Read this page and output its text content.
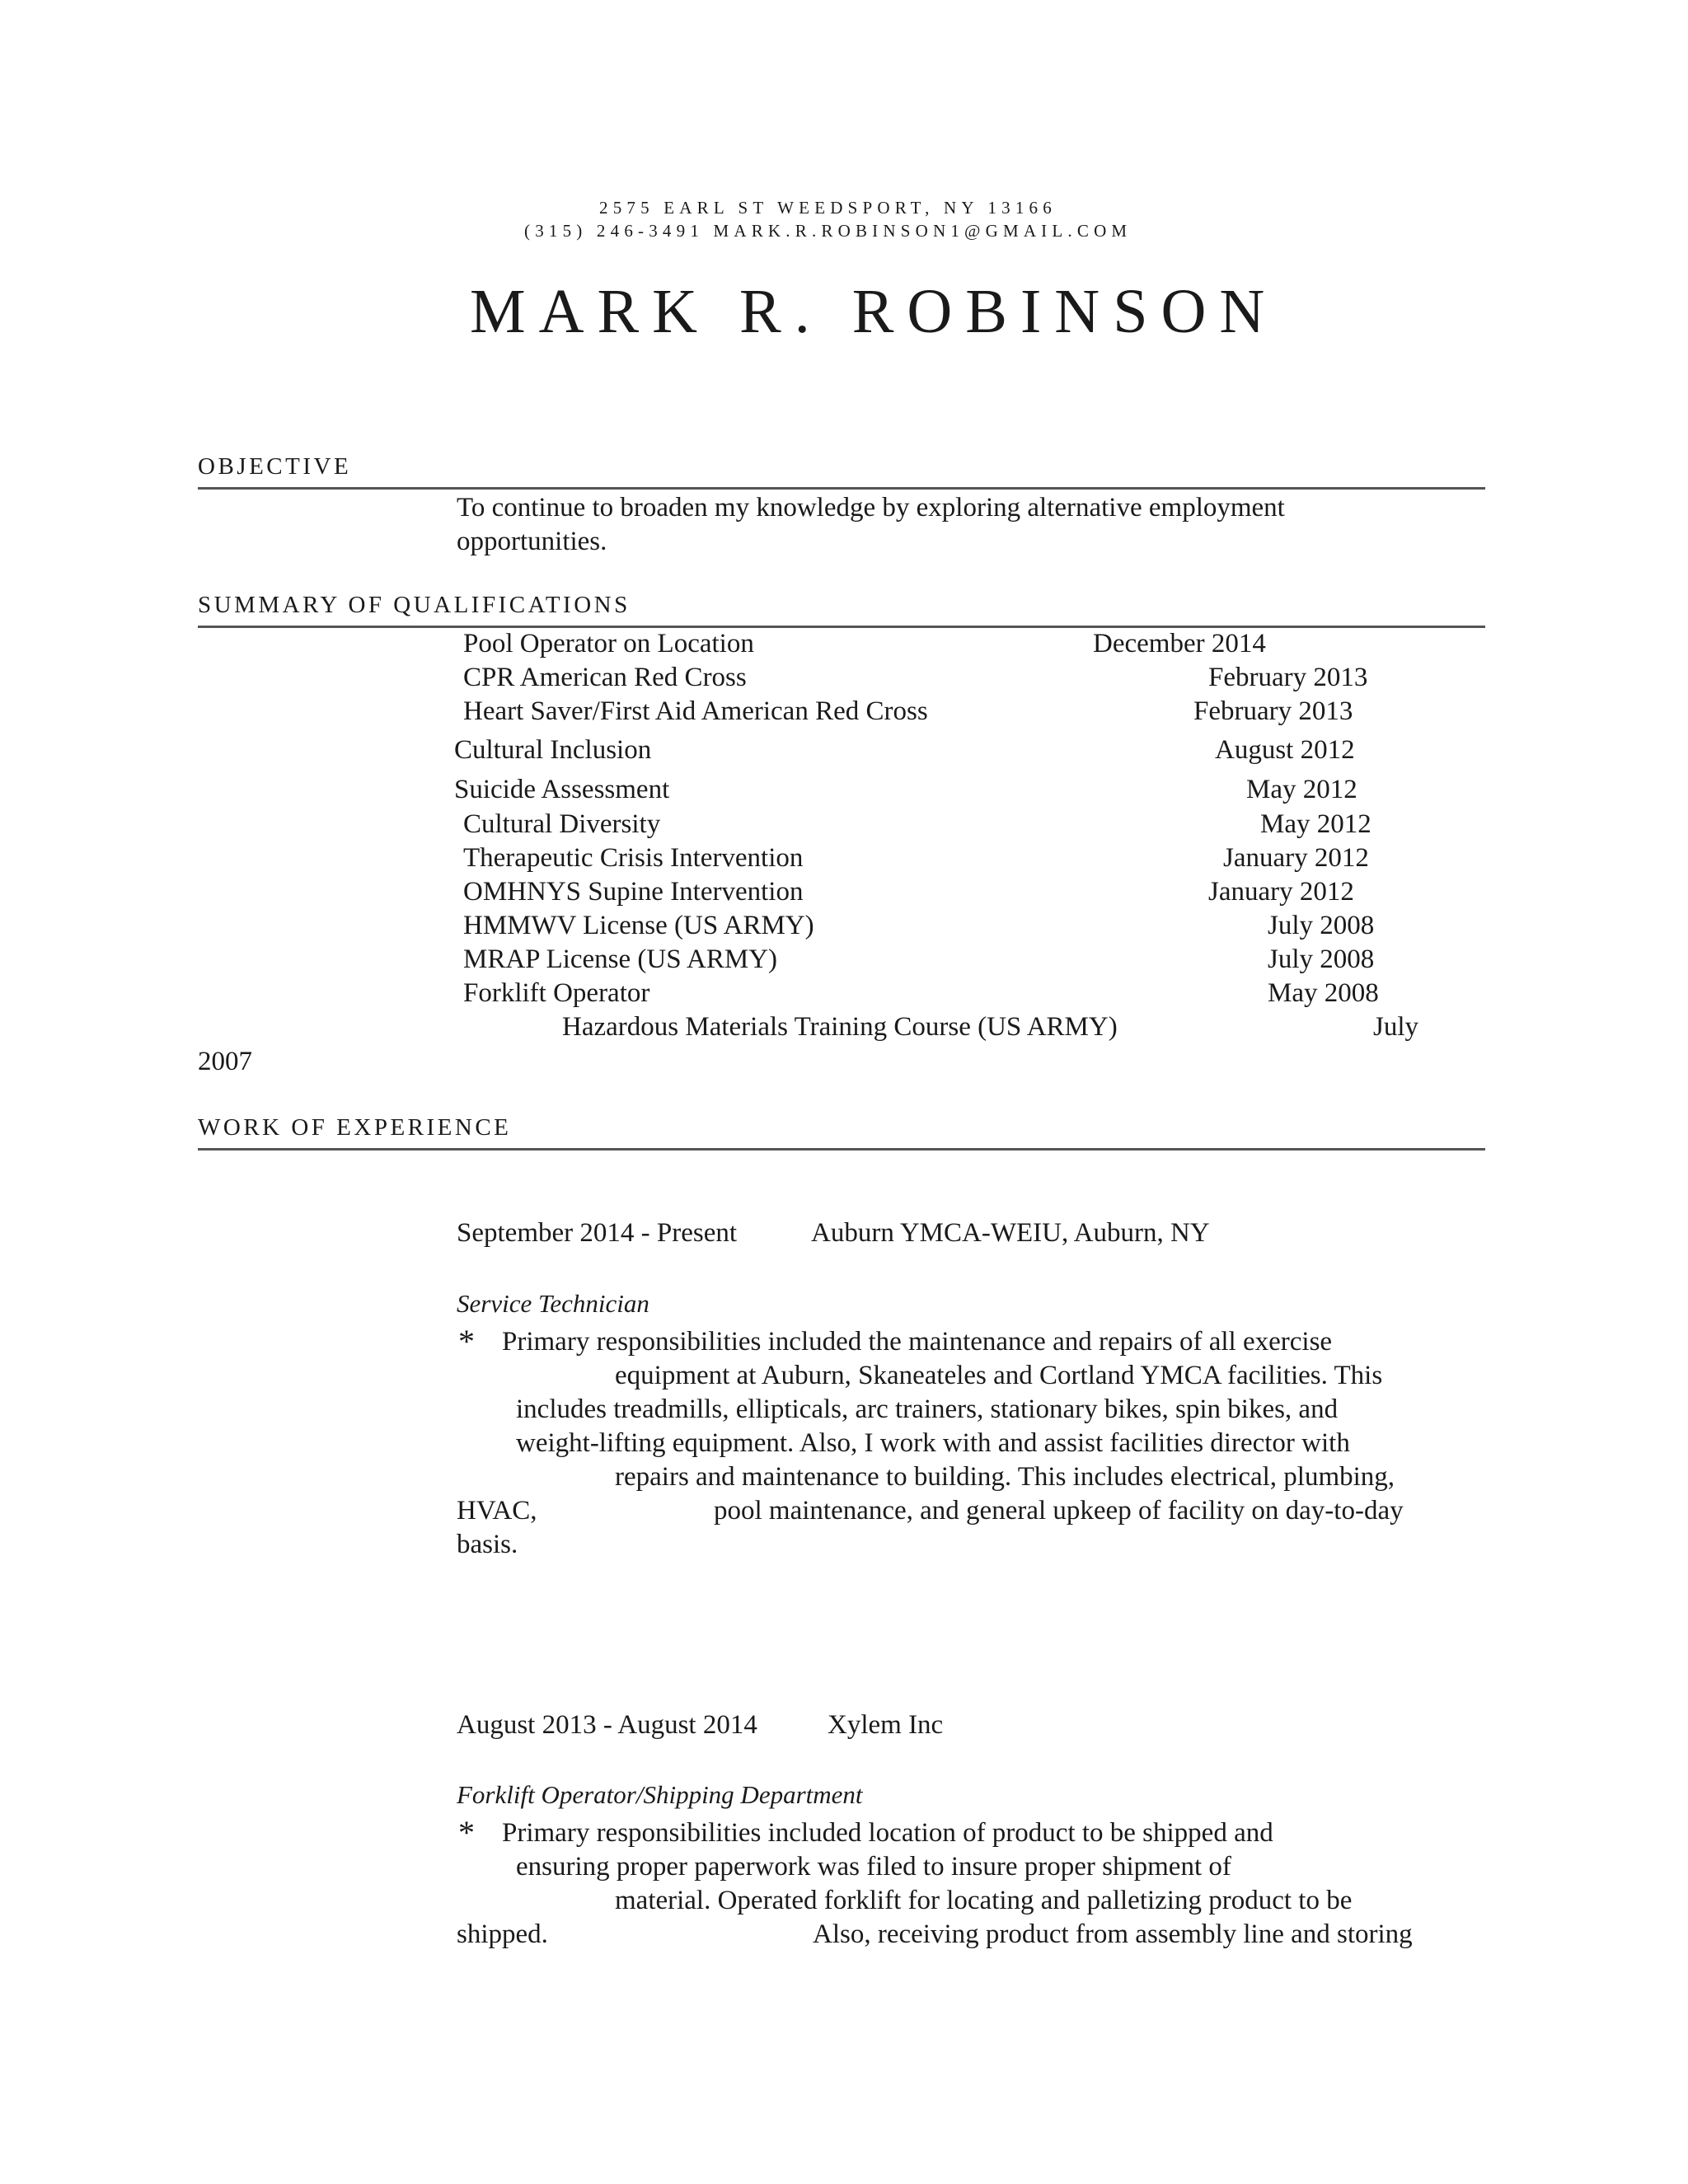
2575 EARL ST WEEDSPORT, NY 13166
(315) 246-3491 MARK.R.ROBINSON1@GMAIL.COM
MARK R. ROBINSON
OBJECTIVE
To continue to broaden my knowledge by exploring alternative employment
opportunities.
SUMMARY OF QUALIFICATIONS
Pool Operator on Location	December 2014
CPR American Red Cross	February 2013
Heart Saver/First Aid American Red Cross	February 2013
Cultural Inclusion	August 2012
Suicide Assessment	May 2012
Cultural Diversity	May 2012
Therapeutic Crisis Intervention	January 2012
OMHNYS Supine Intervention	January 2012
HMMWV License (US ARMY)	July 2008
MRAP License (US ARMY)	July 2008
Forklift Operator	May 2008
Hazardous Materials Training Course (US ARMY)	July
2007
WORK OF EXPERIENCE
September 2014 - Present	Auburn YMCA-WEIU, Auburn, NY
Service Technician
* Primary responsibilities included the maintenance and repairs of all exercise
equipment at Auburn, Skaneateles and Cortland YMCA facilities. This
includes treadmills, ellipticals, arc trainers, stationary bikes, spin bikes, and
weight-lifting equipment. Also, I work with and assist facilities director with
repairs and maintenance to building. This includes electrical, plumbing,
HVAC,	pool maintenance, and general upkeep of facility on day-to-day
basis.
August 2013 - August 2014	Xylem Inc
Forklift Operator/Shipping Department
* Primary responsibilities included location of product to be shipped and
ensuring proper paperwork was filed to insure proper shipment of
material. Operated forklift for locating and palletizing product to be
shipped.	Also, receiving product from assembly line and storing
